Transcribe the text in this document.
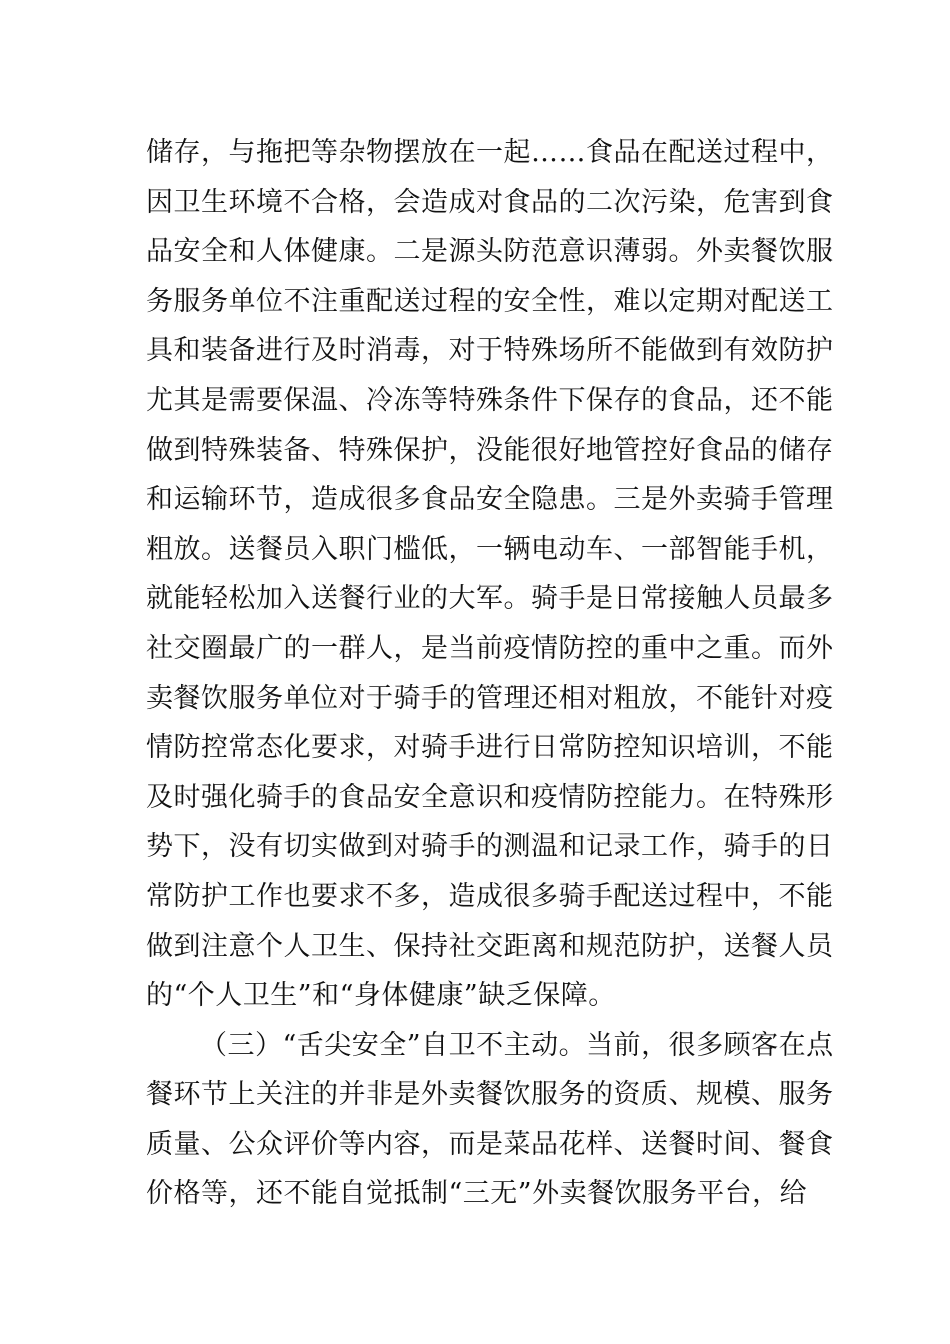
储存，与拖把等杂物摆放在一起……食品在配送过程中，
因卫生环境不合格，会造成对食品的二次污染，危害到食
品安全和人体健康。二是源头防范意识薄弱。外卖餐饮服
务服务单位不注重配送过程的安全性，难以定期对配送工
具和装备进行及时消毒，对于特殊场所不能做到有效防护
尤其是需要保温、冷冻等特殊条件下保存的食品，还不能
做到特殊装备、特殊保护，没能很好地管控好食品的储存
和运输环节，造成很多食品安全隐患。三是外卖骑手管理
粗放。送餐员入职门槛低，一辆电动车、一部智能手机，
就能轻松加入送餐行业的大军。骑手是日常接触人员最多
社交圈最广的一群人，是当前疫情防控的重中之重。而外
卖餐饮服务单位对于骑手的管理还相对粗放，不能针对疫
情防控常态化要求，对骑手进行日常防控知识培训，不能
及时强化骑手的食品安全意识和疫情防控能力。在特殊形
势下，没有切实做到对骑手的测温和记录工作，骑手的日
常防护工作也要求不多，造成很多骑手配送过程中，不能
做到注意个人卫生、保持社交距离和规范防护，送餐人员
的“个人卫生”和“身体健康”缺乏保障。
（三）“舌尖安全”自卫不主动。当前，很多顾客在点
餐环节上关注的并非是外卖餐饮服务的资质、规模、服务
质量、公众评价等内容，而是菜品花样、送餐时间、餐食
价格等，还不能自觉抵制“三无”外卖餐饮服务平台，给
